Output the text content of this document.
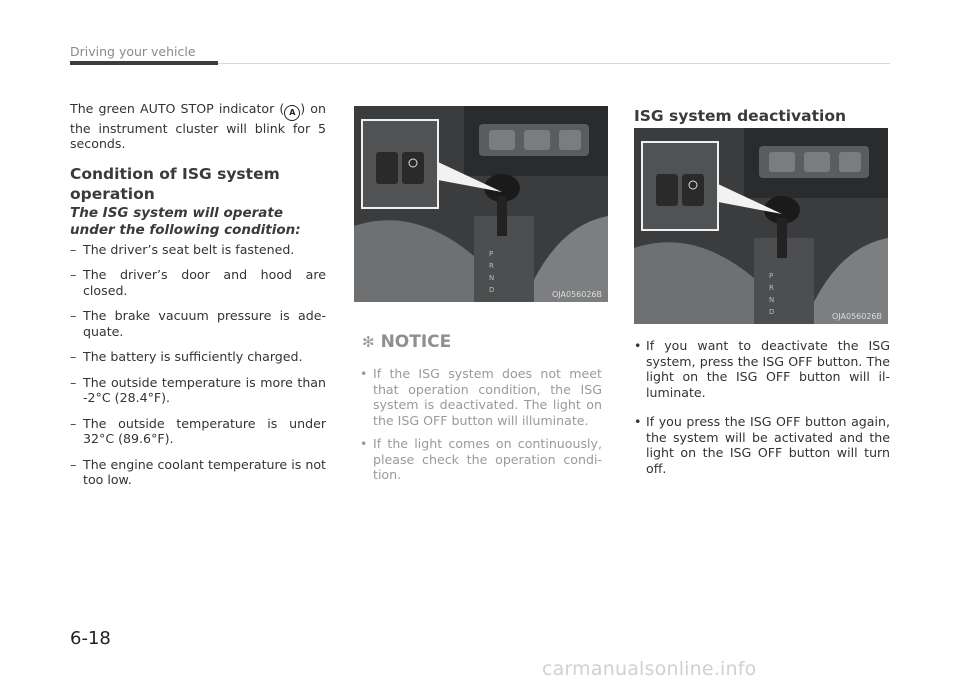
Driving your vehicle

The green AUTO STOP indicator ( A ) on the instrument cluster will blink for 5 seconds.

Condition of ISG system operation
The ISG system will operate under the following condition:
– The driver’s seat belt is fastened.
– The driver’s door and hood are closed.
– The brake vacuum pressure is ade-quate.
– The battery is sufficiently charged.
– The outside temperature is more than -2°C (28.4°F).
– The outside temperature is under 32°C (89.6°F).
– The engine coolant temperature is not too low.
P
R
N
D	OJA056026B
✻ NOTICE
• If the ISG system does not meet that operation condition, the ISG system is deactivated. The light on the ISG OFF button will illuminate.
• If the light comes on continuously, please check the operation condi-tion.
ISG system deactivation
P
R
N
D	OJA056026B
• If you want to deactivate the ISG system, press the ISG OFF button. The light on the ISG OFF button will il-luminate.
• If you press the ISG OFF button again, the system will be activated and the light on the ISG OFF button will turn off.
6-18
carmanualsonline.info
